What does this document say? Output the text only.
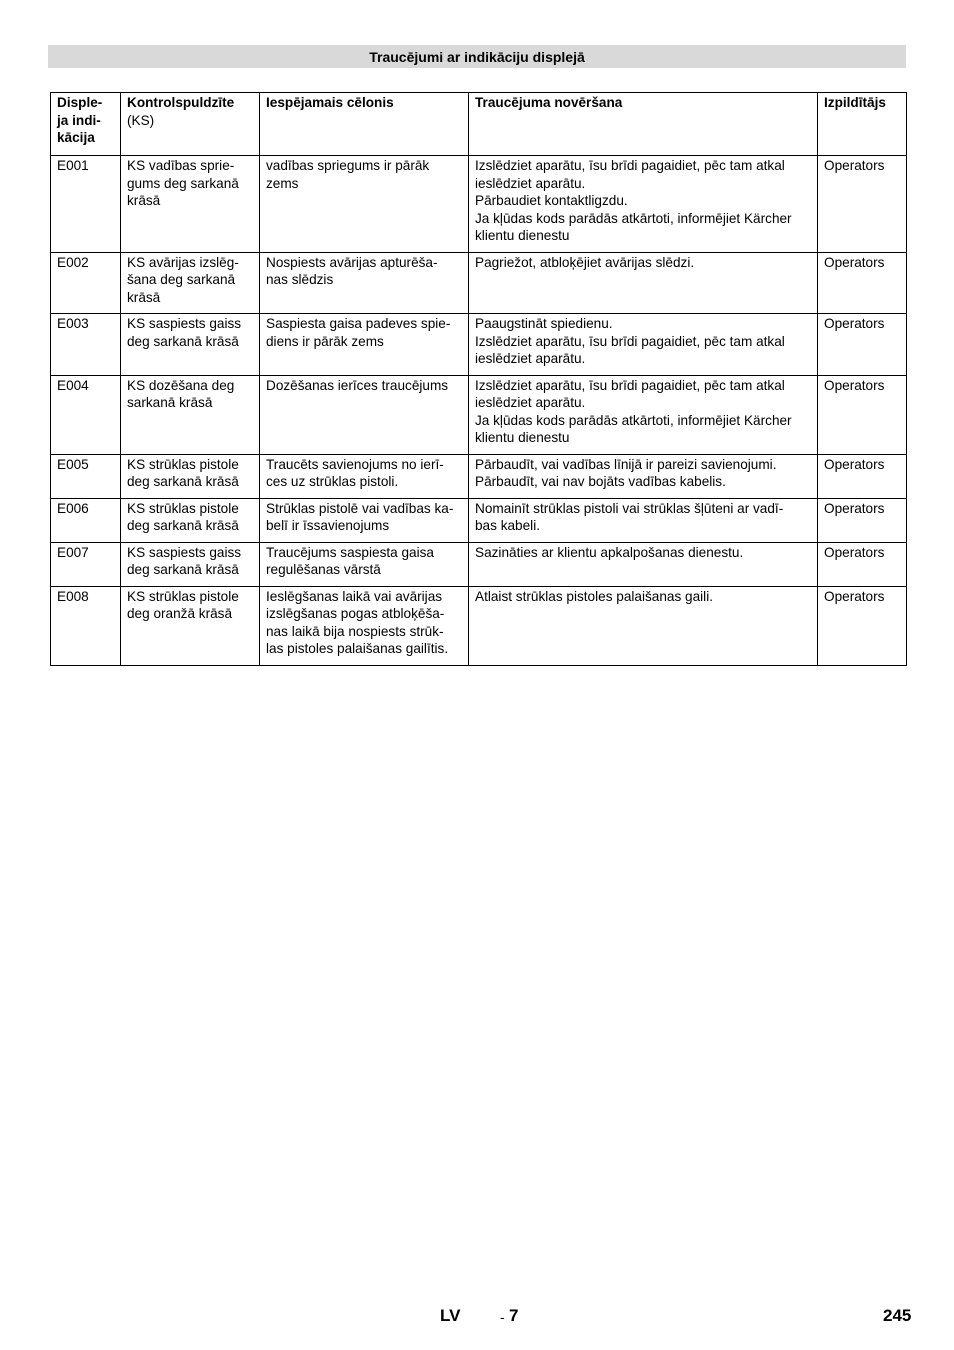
Traucējumi ar indikāciju displejā
Disple-
ja indi-
kācija	Kontrolspuldzīte
(KS)	Iespējamais cēlonis	Traucējuma novēršana	Izpildītājs

E001	KS vadības sprie-
gums deg sarkanā
krāsā	vadības spriegums ir pārāk
zems	Izslēdziet aparātu, īsu brīdi pagaidiet, pēc tam atkal
ieslēdziet aparātu.
Pārbaudiet kontaktligzdu.
Ja kļūdas kods parādās atkārtoti, informējiet Kärcher
klientu dienestu	Operators
E002	KS avārijas izslēg-
šana deg sarkanā
krāsā	Nospiests avārijas apturēša-
nas slēdzis	Pagriežot, atbloķējiet avārijas slēdzi.	Operators
E003	KS saspiests gaiss
deg sarkanā krāsā	Saspiesta gaisa padeves spie-
diens ir pārāk zems	Paaugstināt spiedienu.
Izslēdziet aparātu, īsu brīdi pagaidiet, pēc tam atkal
ieslēdziet aparātu.	Operators
E004	KS dozēšana deg
sarkanā krāsā	Dozēšanas ierīces traucējums	Izslēdziet aparātu, īsu brīdi pagaidiet, pēc tam atkal
ieslēdziet aparātu.
Ja kļūdas kods parādās atkārtoti, informējiet Kärcher
klientu dienestu	Operators
E005	KS strūklas pistole
deg sarkanā krāsā	Traucēts savienojums no ierī-
ces uz strūklas pistoli.	Pārbaudīt, vai vadības līnijā ir pareizi savienojumi.
Pārbaudīt, vai nav bojāts vadības kabelis.	Operators
E006	KS strūklas pistole
deg sarkanā krāsā	Strūklas pistolē vai vadības ka-
belī ir īssavienojums	Nomainīt strūklas pistoli vai strūklas šļūteni ar vadī-
bas kabeli.	Operators
E007	KS saspiests gaiss
deg sarkanā krāsā	Traucējums saspiesta gaisa
regulēšanas vārstā	Sazināties ar klientu apkalpošanas dienestu.	Operators
E008	KS strūklas pistole
deg oranžā krāsā	Ieslēgšanas laikā vai avārijas
izslēgšanas pogas atbloķēša-
nas laikā bija nospiests strūk-
las pistoles palaišanas gailītis.	Atlaist strūklas pistoles palaišanas gaili.	Operators
LV	- 7	245
